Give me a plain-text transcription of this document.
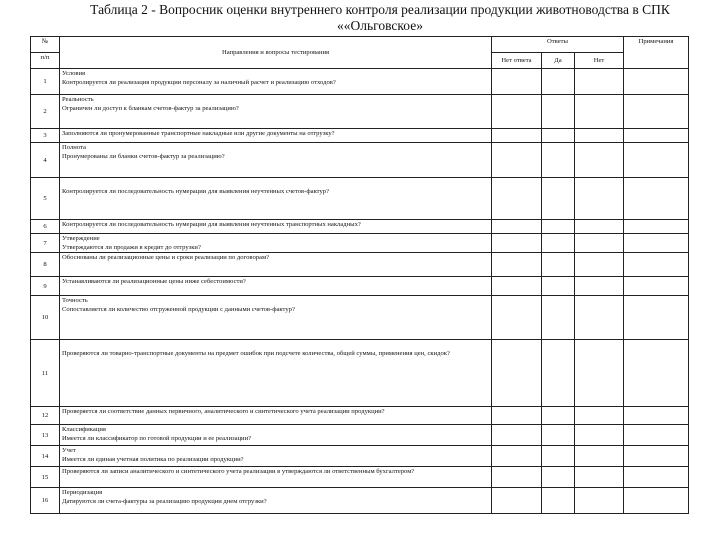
Таблица 2 - Вопросник оценки внутреннего контроля реализации продукции животноводства в СПК
««Ольговское»
№	Направления и вопросы тестирования	Ответы			Примечания
п/п		Нет ответа	Да	Нет	
1	Условия
Контролируется ли реализация продукции персоналу за наличный расчет и реализацию отходов?				

2	Реальность
Ограничен ли доступ к бланкам счетов-фактур за реализацию?				

3	Заполняются ли пронумерованные транспортные накладные или другие документы на отгрузку?				

4	Полнота
Пронумерованы ли бланки счетов-фактур за реализацию?				

5	Контролируется ли последовательность нумерации для выявления неучтенных счетов-фактур?				

6	Контролируется ли последовательность нумерации для выявления неучтенных транспортных накладных?				

7	Утверждение
Утверждаются ли продажи в кредит до отгрузки?				

8	Обоснованы ли реализационные цены и сроки реализации по договорам?				

9	Устанавливаются ли реализационные цены ниже себестоимости?				

10	Точность
Сопоставляется ли количество отгруженной продукции с данными счетов-фактур?				

11	Проверяются ли товарно-транспортные документы на предмет ошибок при подсчете количества, общей суммы, применения цен, скидок?				

12	Проверяется ли соответствие данных первичного, аналитического и синтетического учета реализации продукции?				

13	Классификация
Имеется ли классификатор по готовой продукции и ее реализации?				

14	Учет
Имеется ли единая учетная политика по реализации продукции?				

15	Проверяются ли записи аналитического и синтетического учета реализации в утверждаются ли ответственным бухгалтером?				

16	Периодизация
Датируются ли счета-фактуры за реализацию продукции днем отгрузки?				
